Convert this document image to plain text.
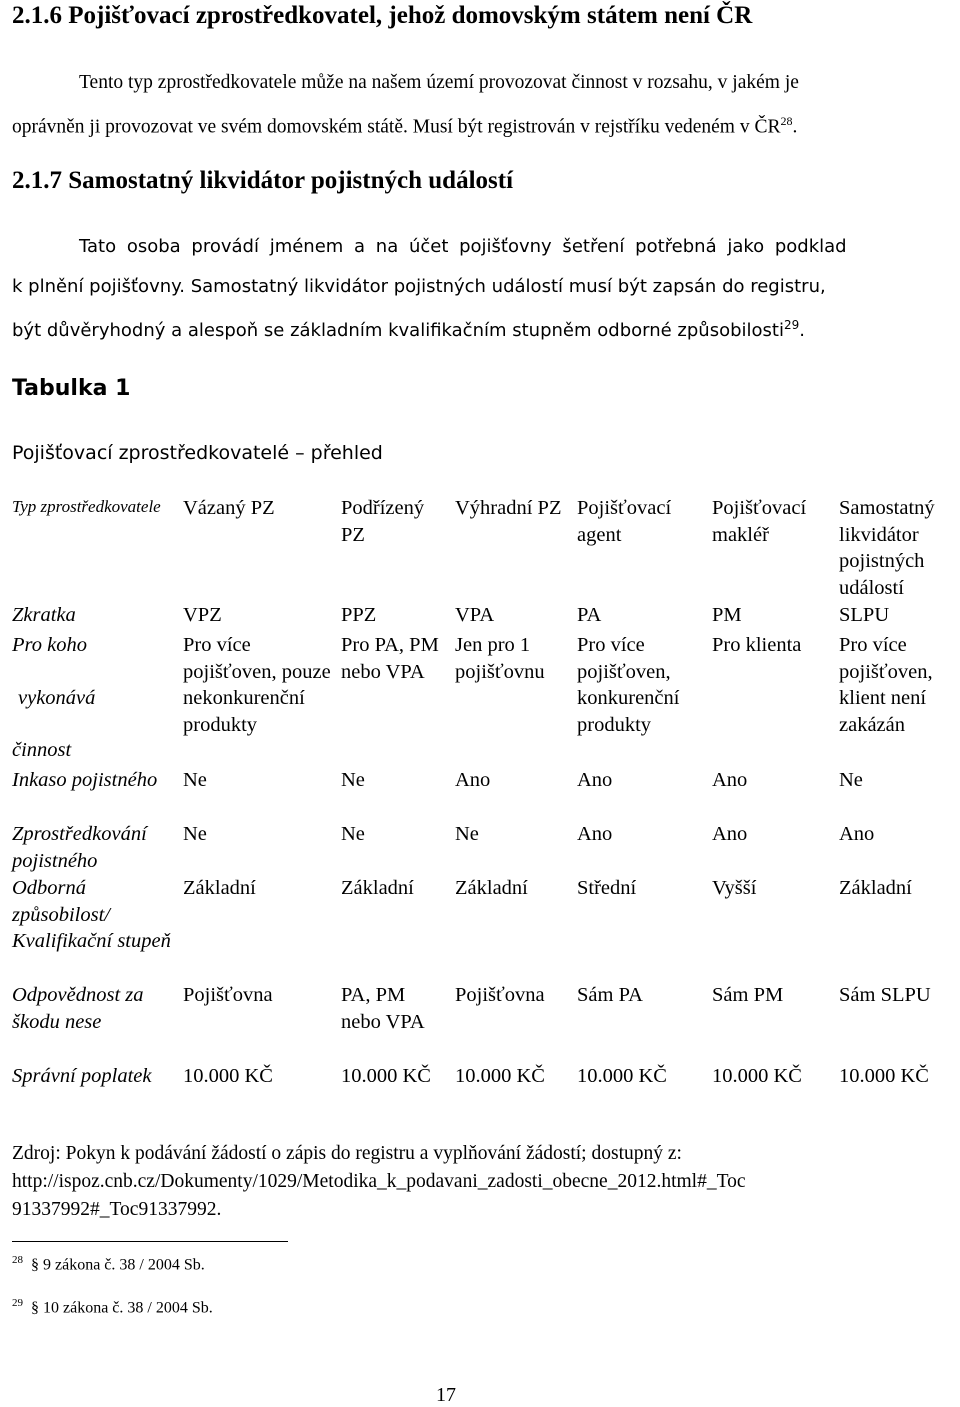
2.1.6 Pojišťovací zprostředkovatel, jehož domovským státem není ČR
Tento typ zprostředkovatele může na našem území provozovat činnost v rozsahu, v jakém je
oprávněn ji provozovat ve svém domovském státě. Musí být registrován v rejstříku vedeném v ČR$^{28}$.
2.1.7 Samostatný likvidátor pojistných událostí
Tato osoba provádí jménem a na účet pojišťovny šetření potřebná jako podklad
k plnění pojišťovny. Samostatný likvidátor pojistných událostí musí být zapsán do registru,
být důvěryhodný a alespoň se základním kvalifikačním stupněm odborné způsobilosti$^{29}$.
Tabulka 1
Pojišťovací zprostředkovatelé – přehled
Typ zprostředkovatele	Vázaný PZ	Podřízený PZ	Výhradní PZ	Pojišťovací agent	Pojišťovací makléř	Samostatný likvidátor pojistných událostí
Zkratka	VPZ	PPZ	VPA	PA	PM	SLPU

Pro koho
vykonává
činnost	Pro více pojišťoven, pouze nekonkurenční produkty	Pro PA, PM nebo VPA	Jen pro 1 pojišťovnu	Pro více pojišťoven, konkurenční produkty	Pro klienta	Pro více pojišťoven, klient není zakázán
Inkaso pojistného	Ne	Ne	Ano	Ano	Ano	Ne
Zprostředkování pojistného	Ne	Ne	Ne	Ano	Ano	Ano
Odborná způsobilost/ Kvalifikační stupeň	Základní	Základní	Základní	Střední	Vyšší	Základní
Odpovědnost za škodu nese	Pojišťovna	PA, PM nebo VPA	Pojišťovna	Sám PA	Sám PM	Sám SLPU
Správní poplatek	10.000 KČ	10.000 KČ	10.000 KČ	10.000 KČ	10.000 KČ	10.000 KČ
Zdroj: Pokyn k podávání žádostí o zápis do registru a vyplňování žádostí; dostupný z:
http://ispoz.cnb.cz/Dokumenty/1029/Metodika_k_podavani_zadosti_obecne_2012.html#_Toc
91337992#_Toc91337992.
$^{28}$  § 9 zákona č. 38 / 2004 Sb.
$^{29}$  § 10 zákona č. 38 / 2004 Sb.
17
